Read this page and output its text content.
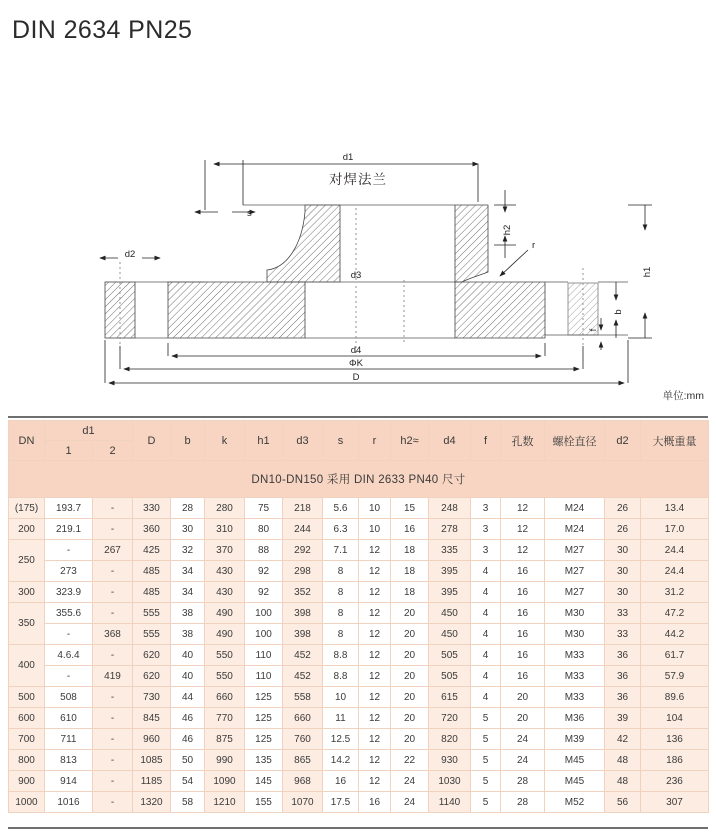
DIN 2634 PN25
对焊法兰
s
d1
d2
d3
h2
r
h1
b
f
d4
ΦK
D
单位:mm
DN	d1		D	b	k	h1	d3	s	r	h2≈	d4	f	孔数	螺栓直径	d2	大概重量
	1	2														
DN10-DN150 采用 DIN 2633 PN40 尺寸																
(175)	193.7	-	330	28	280	75	218	5.6	10	15	248	3	12	M24	26	13.4
200	219.1	-	360	30	310	80	244	6.3	10	16	278	3	12	M24	26	17.0
250	-	267	425	32	370	88	292	7.1	12	18	335	3	12	M27	30	24.4
	273	-	485	34	430	92	298	8	12	18	395	4	16	M27	30	24.4
300	323.9	-	485	34	430	92	352	8	12	18	395	4	16	M27	30	31.2
350	355.6	-	555	38	490	100	398	8	12	20	450	4	16	M30	33	47.2
	-	368	555	38	490	100	398	8	12	20	450	4	16	M30	33	44.2
400	4.6.4	-	620	40	550	110	452	8.8	12	20	505	4	16	M33	36	61.7
	-	419	620	40	550	110	452	8.8	12	20	505	4	16	M33	36	57.9
500	508	-	730	44	660	125	558	10	12	20	615	4	20	M33	36	89.6
600	610	-	845	46	770	125	660	11	12	20	720	5	20	M36	39	104
700	711	-	960	46	875	125	760	12.5	12	20	820	5	24	M39	42	136
800	813	-	1085	50	990	135	865	14.2	12	22	930	5	24	M45	48	186
900	914	-	1185	54	1090	145	968	16	12	24	1030	5	28	M45	48	236
1000	1016	-	1320	58	1210	155	1070	17.5	16	24	1140	5	28	M52	56	307
